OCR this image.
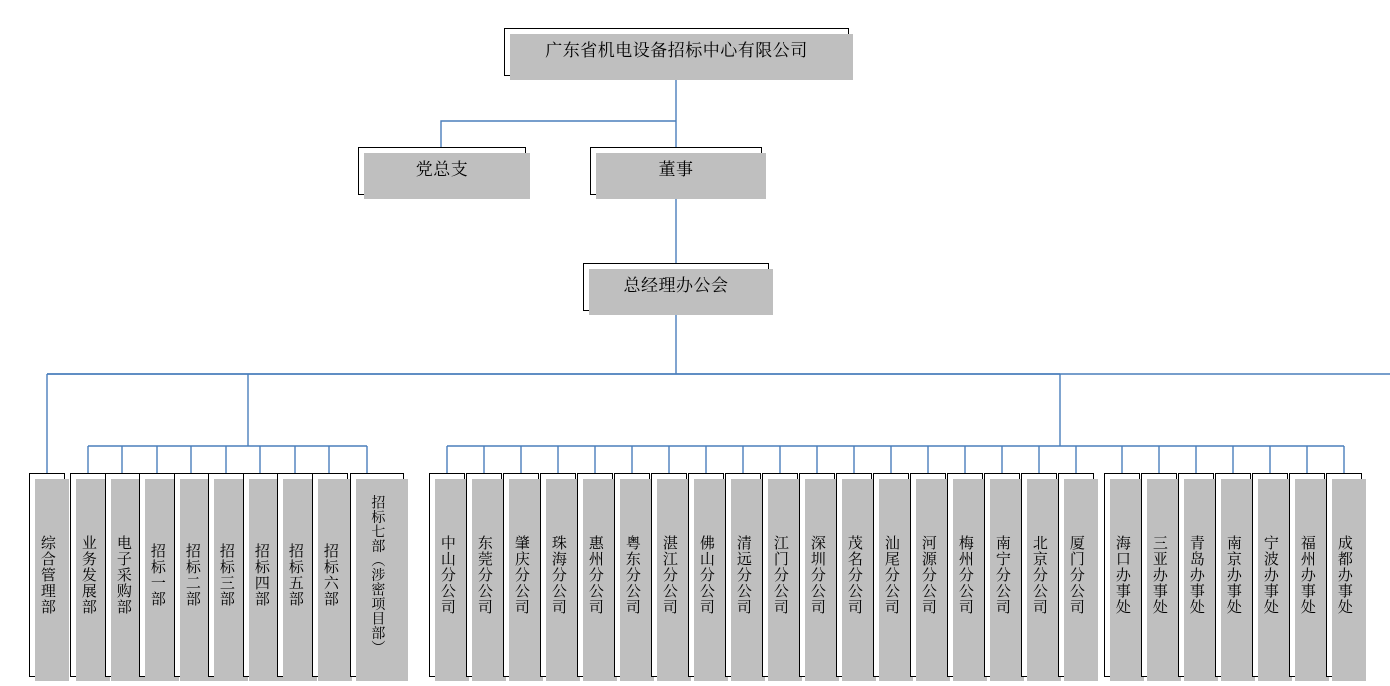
广东省机电设备招标中心有限公司
党总支	董事
总经理办公会
综合管理部 业务发展部 电子采购部 招标一部 招标二部 招标三部 招标四部 招标五部 招标六部 招标七部（涉密项目部）	中山分公司 东莞分公司 肇庆分公司 珠海分公司 惠州分公司 粤东分公司 湛江分公司 佛山分公司 清远分公司 江门分公司 深圳分公司 茂名分公司 汕尾分公司 河源分公司 梅州分公司 南宁分公司 北京分公司 厦门分公司 海口办事处 三亚办事处 青岛办事处 南京办事处 宁波办事处 福州办事处 成都办事处
